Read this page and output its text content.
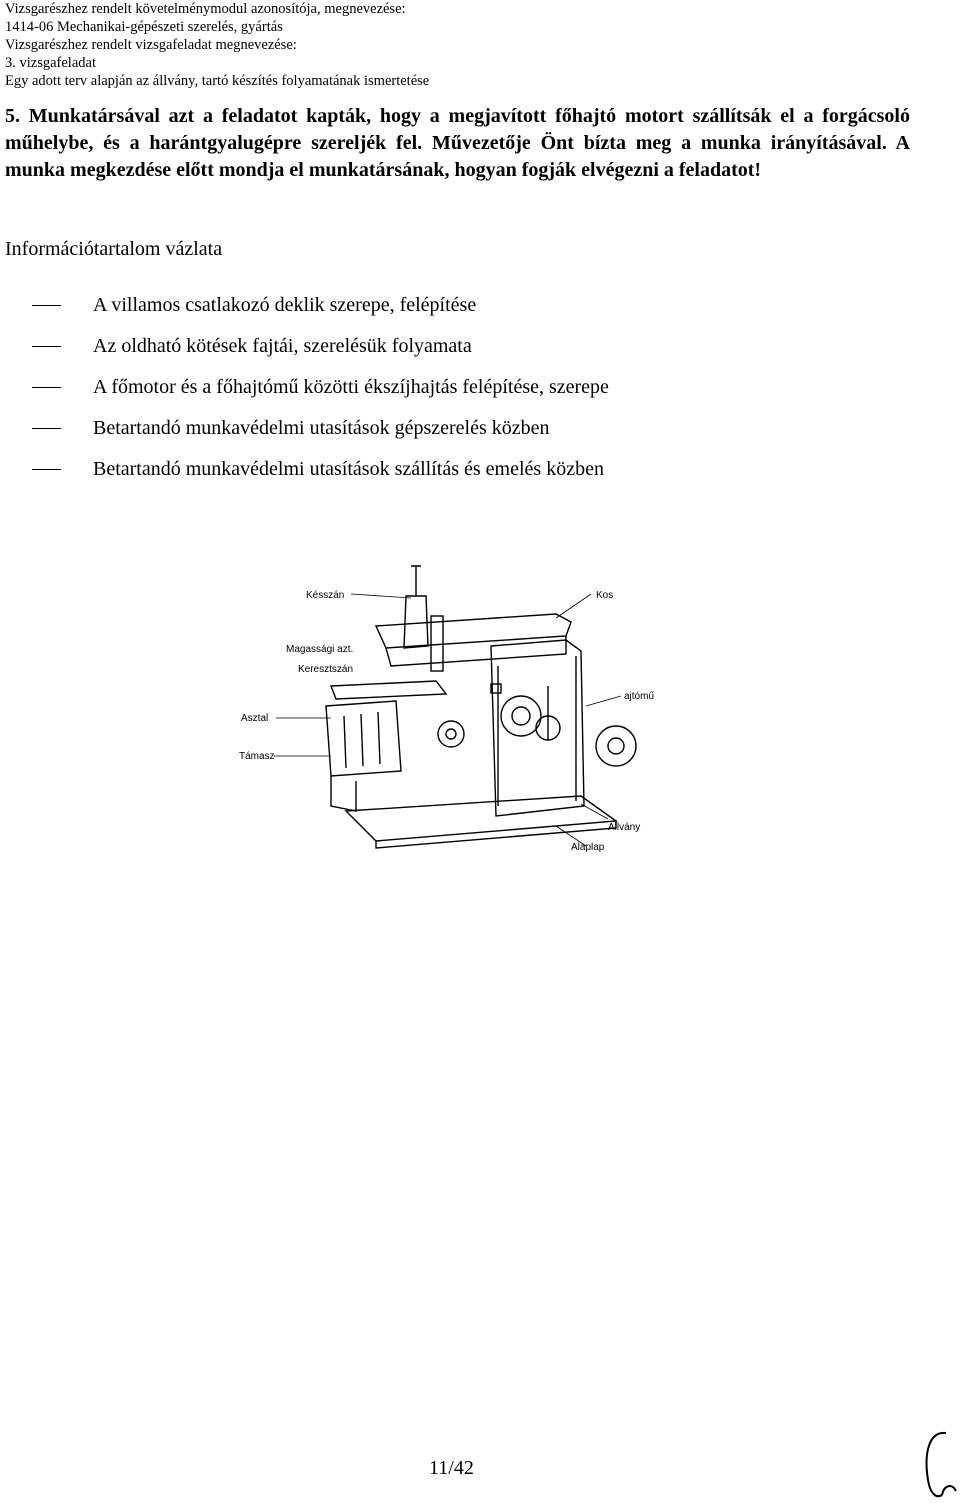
Vizsgarészhez rendelt követelménymodul azonosítója, megnevezése:
1414-06 Mechanikai-gépészeti szerelés, gyártás
Vizsgarészhez rendelt vizsgafeladat megnevezése:
3. vizsgafeladat
Egy adott terv alapján az állvány, tartó készítés folyamatának ismertetése
5. Munkatársával azt a feladatot kapták, hogy a megjavított főhajtó motort szállítsák el a forgácsoló műhelybe, és a harántgyalugépre szereljék fel. Művezetője Önt bízta meg a munka irányításával. A munka megkezdése előtt mondja el munkatársának, hogyan fogják elvégezni a feladatot!
Információtartalom vázlata
A villamos csatlakozó deklik szerepe, felépítése
Az oldható kötések fajtái, szerelésük folyamata
A főmotor és a főhajtómű közötti ékszíjhajtás felépítése, szerepe
Betartandó munkavédelmi utasítások gépszerelés közben
Betartandó munkavédelmi utasítások szállítás és emelés közben
Késszán	Kos
Magassági azt.
Keresztszán
Asztal
ajtómű
Támasz
Állvány
Alaplap
11/42
